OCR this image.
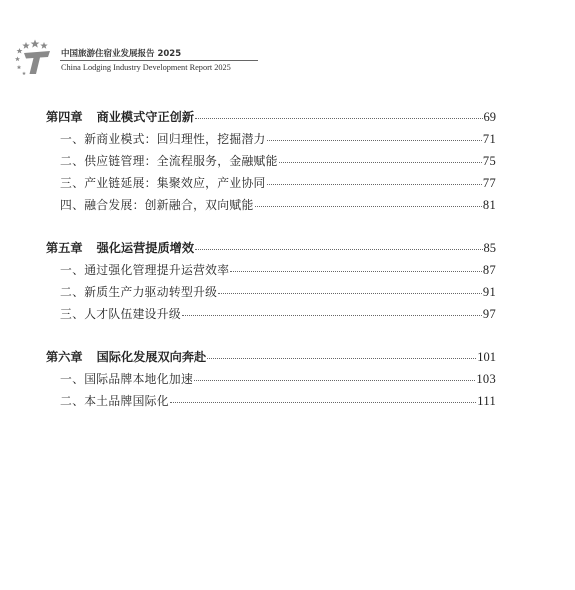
中国旅游住宿业发展报告 2025
China Lodging Industry Development Report 2025
第四章 商业模式守正创新	69
一、新商业模式：回归理性，挖掘潜力	71
二、供应链管理：全流程服务，金融赋能	75
三、产业链延展：集聚效应，产业协同	77
四、融合发展：创新融合，双向赋能	81
第五章 强化运营提质增效	85
一、通过强化管理提升运营效率	87
二、新质生产力驱动转型升级	91
三、人才队伍建设升级	97
第六章 国际化发展双向奔赴	101
一、国际品牌本地化加速	103
二、本土品牌国际化	111
